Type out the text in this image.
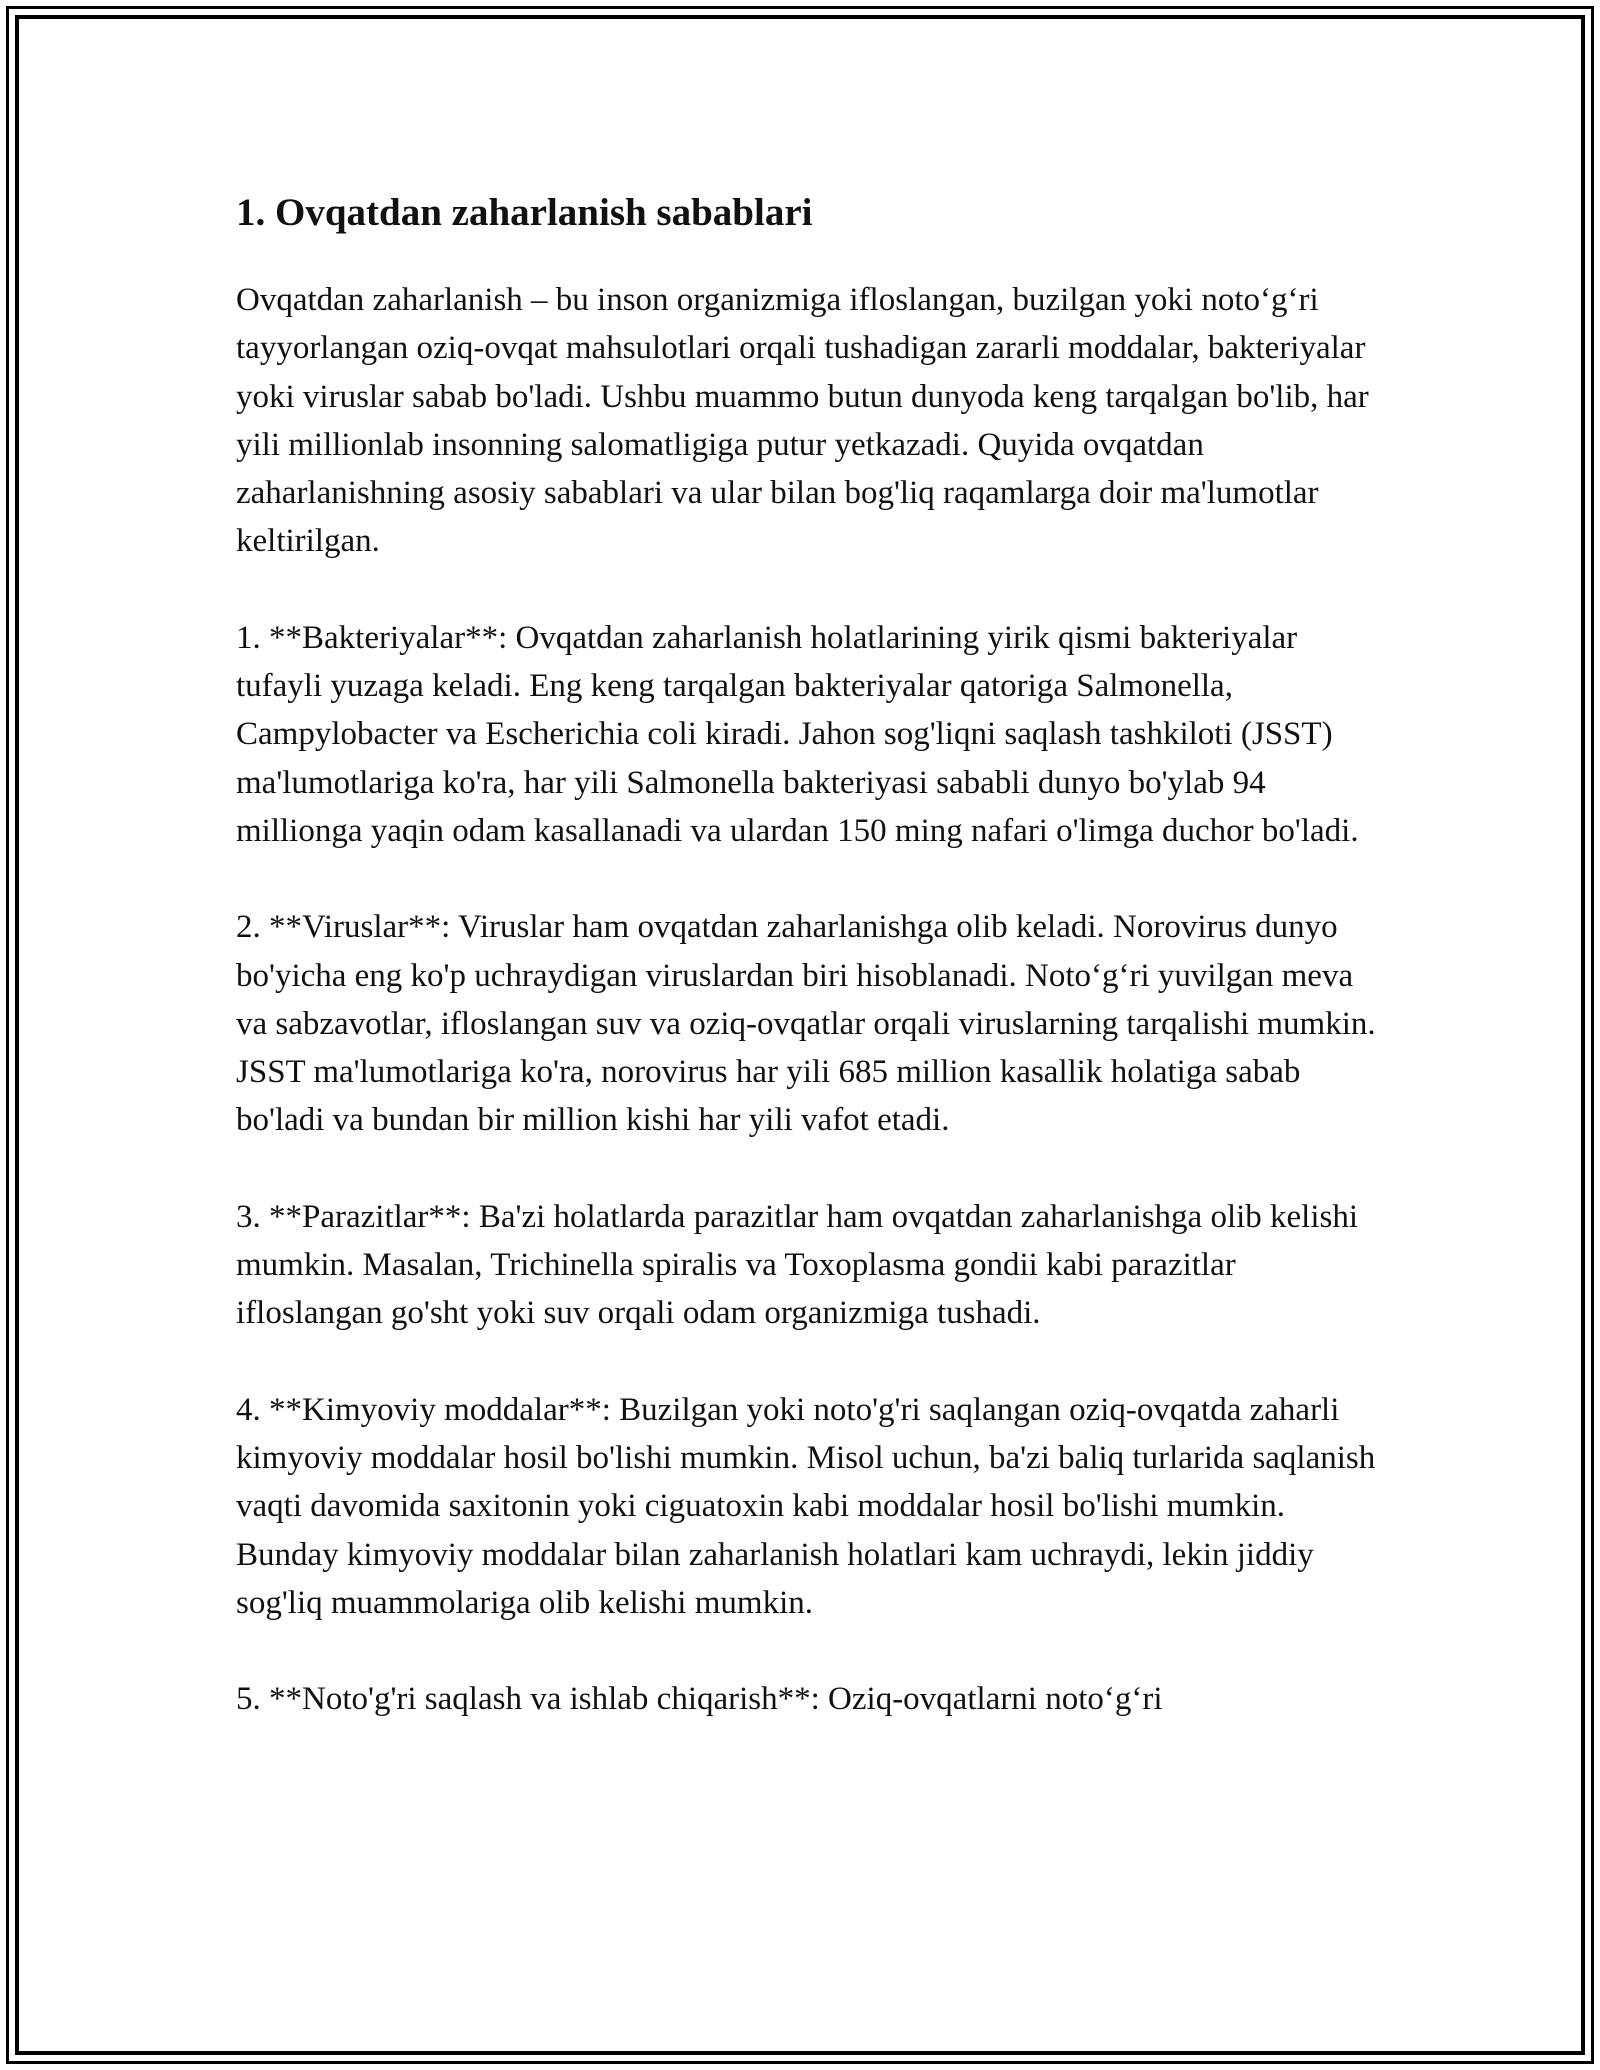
1. Ovqatdan zaharlanish sabablari

Ovqatdan zaharlanish – bu inson organizmiga ifloslangan, buzilgan yoki noto‘g‘ri tayyorlangan oziq-ovqat mahsulotlari orqali tushadigan zararli moddalar, bakteriyalar yoki viruslar sabab bo'ladi. Ushbu muammo butun dunyoda keng tarqalgan bo'lib, har yili millionlab insonning salomatligiga putur yetkazadi. Quyida ovqatdan zaharlanishning asosiy sabablari va ular bilan bog'liq raqamlarga doir ma'lumotlar keltirilgan.

1. **Bakteriyalar**: Ovqatdan zaharlanish holatlarining yirik qismi bakteriyalar tufayli yuzaga keladi. Eng keng tarqalgan bakteriyalar qatoriga Salmonella, Campylobacter va Escherichia coli kiradi. Jahon sog'liqni saqlash tashkiloti (JSST) ma'lumotlariga ko'ra, har yili Salmonella bakteriyasi sababli dunyo bo'ylab 94 millionga yaqin odam kasallanadi va ulardan 150 ming nafari o'limga duchor bo'ladi.

2. **Viruslar**: Viruslar ham ovqatdan zaharlanishga olib keladi. Norovirus dunyo bo'yicha eng ko'p uchraydigan viruslardan biri hisoblanadi. Noto‘g‘ri yuvilgan meva va sabzavotlar, ifloslangan suv va oziq-ovqatlar orqali viruslarning tarqalishi mumkin. JSST ma'lumotlariga ko'ra, norovirus har yili 685 million kasallik holatiga sabab bo'ladi va bundan bir million kishi har yili vafot etadi.

3. **Parazitlar**: Ba'zi holatlarda parazitlar ham ovqatdan zaharlanishga olib kelishi mumkin. Masalan, Trichinella spiralis va Toxoplasma gondii kabi parazitlar ifloslangan go'sht yoki suv orqali odam organizmiga tushadi.

4. **Kimyoviy moddalar**: Buzilgan yoki noto'g'ri saqlangan oziq-ovqatda zaharli kimyoviy moddalar hosil bo'lishi mumkin. Misol uchun, ba'zi baliq turlarida saqlanish vaqti davomida saxitonin yoki ciguatoxin kabi moddalar hosil bo'lishi mumkin. Bunday kimyoviy moddalar bilan zaharlanish holatlari kam uchraydi, lekin jiddiy sog'liq muammolariga olib kelishi mumkin.

5. **Noto'g'ri saqlash va ishlab chiqarish**: Oziq-ovqatlarni noto‘g‘ri
